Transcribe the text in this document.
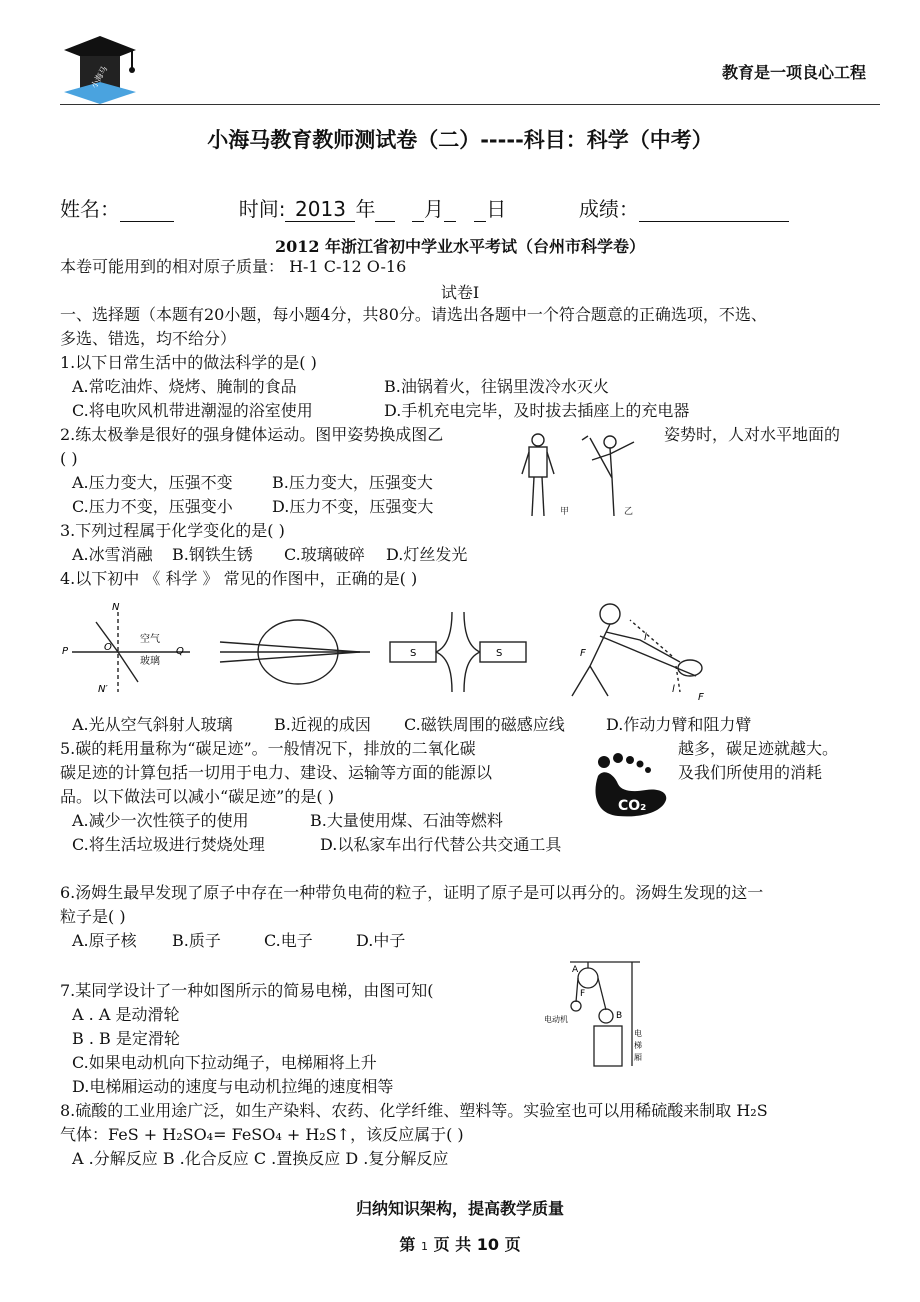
小海马	教育是一项良心工程
小海马教育教师测试卷（二）-----科目：科学（中考）
姓名：	时间: 2013 年 月 日	成绩：
2012 年浙江省初中学业水平考试（台州市科学卷）
本卷可能用到的相对原子质量： H-1 C-12 O-16
试卷Ⅰ
一、选择题（本题有20小题，每小题4分，共80分。请选出各题中一个符合题意的正确选项，不选、
多选、错选，均不给分）
1.以下日常生活中的做法科学的是( )
A.常吃油炸、烧烤、腌制的食品	B.油锅着火，往锅里泼冷水灭火
C.将电吹风机带进潮湿的浴室使用	D.手机充电完毕，及时拔去插座上的充电器
2.练太极拳是很好的强身健体运动。图甲姿势换成图乙	姿势时，人对水平地面的
( )
A.压力变大，压强不变 B.压力变大，压强变大
C.压力不变，压强变小 D.压力不变，压强变大	甲	乙
3.下列过程属于化学变化的是( )
A.冰雪消融 B.钢铁生锈 C.玻璃破碎 D.灯丝发光
4.以下初中 《 科学 》 常见的作图中，正确的是( )
N
P	O
空气
玻璃
Q
N′
S	S	F
l
l
F
A.光从空气斜射人玻璃	B.近视的成因 C.磁铁周围的磁感应线	D.作动力臂和阻力臂
5.碳的耗用量称为“碳足迹”。一般情况下，排放的二氧化碳	越多，碳足迹就越大。
碳足迹的计算包括一切用于电力、建设、运输等方面的能源以	及我们所使用的消耗
品。以下做法可以减小“碳足迹”的是( )
A.减少一次性筷子的使用	B.大量使用煤、石油等燃料
C.将生活垃圾进行焚烧处理	D.以私家车出行代替公共交通工具
CO₂
6.汤姆生最早发现了原子中存在一种带负电荷的粒子，证明了原子是可以再分的。汤姆生发现的这一
粒子是( )
A.原子核 B.质子	C.电子	D.中子
7.某同学设计了一种如图所示的简易电梯，由图可知(
A . A 是动滑轮
B . B 是定滑轮
C.如果电动机向下拉动绳子，电梯厢将上升
D.电梯厢运动的速度与电动机拉绳的速度相等
A
F
B
电动机
电
梯
厢
8.硫酸的工业用途广泛，如生产染料、农药、化学纤维、塑料等。实验室也可以用稀硫酸来制取 H₂S
气体：FeS + H₂SO₄= FeSO₄ + H₂S↑，该反应属于( )
A .分解反应 B .化合反应 C .置换反应 D .复分解反应
归纳知识架构，提高教学质量
第 1 页 共 10 页
